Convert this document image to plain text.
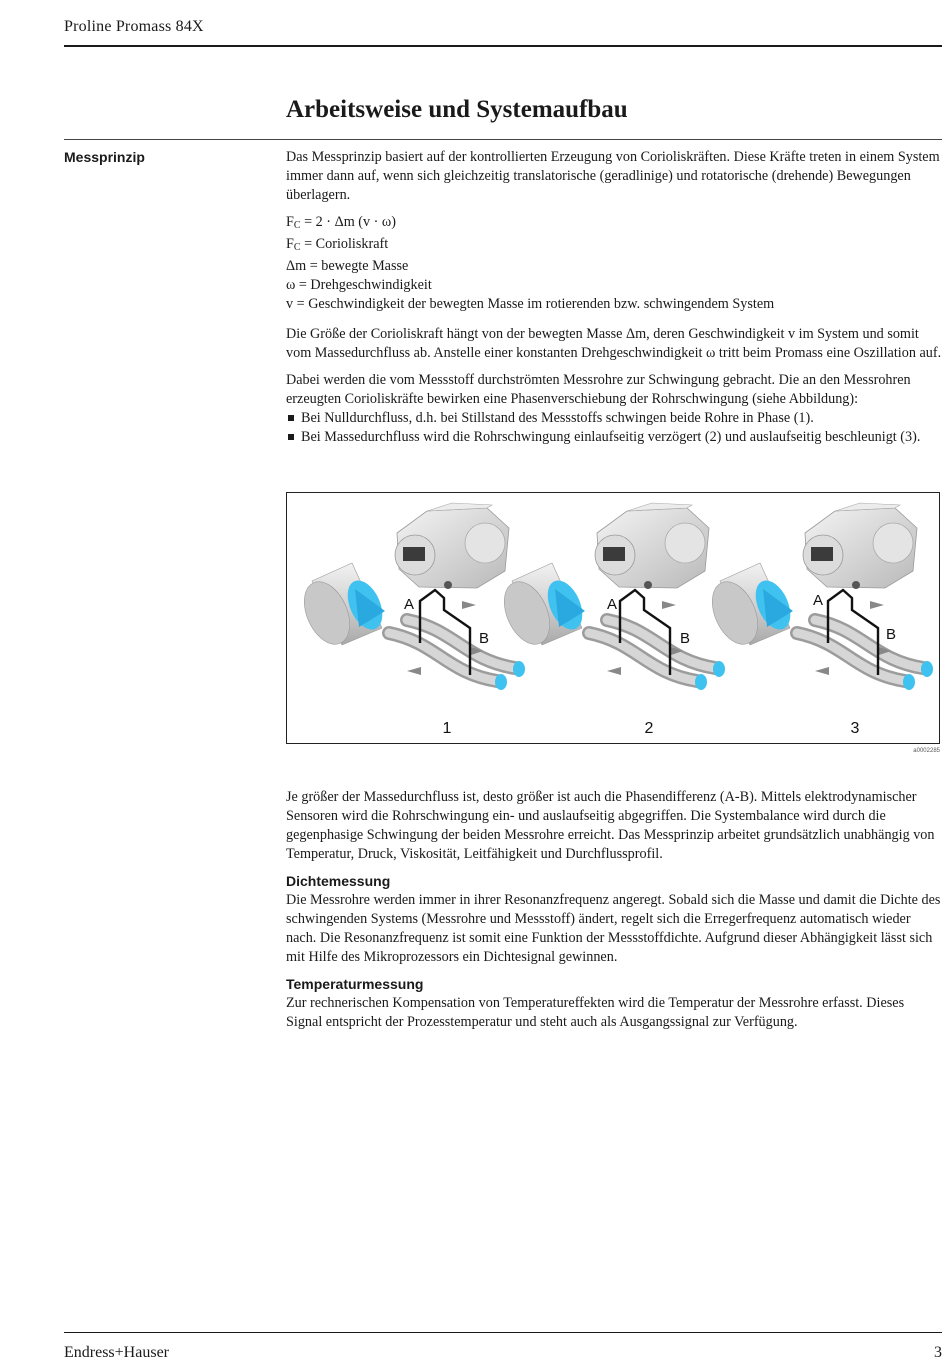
Proline Promass 84X
Arbeitsweise und Systemaufbau
Messprinzip	Das Messprinzip basiert auf der kontrollierten Erzeugung von Corioliskräften. Diese Kräfte treten in einem System immer dann auf, wenn sich gleichzeitig translatorische (geradlinige) und rotatorische (drehende) Bewegungen überlagern.

$F_C = 2 \cdot \Delta m$ (v · ω)
$F_C$ = Corioliskraft
Δm = bewegte Masse
ω = Drehgeschwindigkeit
v = Geschwindigkeit der bewegten Masse im rotierenden bzw. schwingendem System

Die Größe der Corioliskraft hängt von der bewegten Masse Δm, deren Geschwindigkeit v im System und somit vom Massedurchfluss ab. Anstelle einer konstanten Drehgeschwindigkeit ω tritt beim Promass eine Oszillation auf.

Dabei werden die vom Messstoff durchströmten Messrohre zur Schwingung gebracht. Die an den Messrohren erzeugten Corioliskräfte bewirken eine Phasenverschiebung der Rohrschwingung (siehe Abbildung):

Bei Nulldurchfluss, d.h. bei Stillstand des Messstoffs schwingen beide Rohre in Phase (1).
Bei Massedurchfluss wird die Rohrschwingung einlaufseitig verzögert (2) und auslaufseitig beschleunigt (3).
A
B
1
A
B
2
A
B
3
a0002285

Je größer der Massedurchfluss ist, desto größer ist auch die Phasendifferenz (A-B). Mittels elektrodynamischer Sensoren wird die Rohrschwingung ein- und auslaufseitig abgegriffen. Die Systembalance wird durch die gegenphasige Schwingung der beiden Messrohre erreicht. Das Messprinzip arbeitet grundsätzlich unabhängig von Temperatur, Druck, Viskosität, Leitfähigkeit und Durchflussprofil.

Dichtemessung

Die Messrohre werden immer in ihrer Resonanzfrequenz angeregt. Sobald sich die Masse und damit die Dichte des schwingenden Systems (Messrohre und Messstoff) ändert, regelt sich die Erregerfrequenz automatisch wieder nach. Die Resonanzfrequenz ist somit eine Funktion der Messstoffdichte. Aufgrund dieser Abhängigkeit lässt sich mit Hilfe des Mikroprozessors ein Dichtesignal gewinnen.

Temperaturmessung

Zur rechnerischen Kompensation von Temperatureffekten wird die Temperatur der Messrohre erfasst. Dieses Signal entspricht der Prozesstemperatur und steht auch als Ausgangssignal zur Verfügung.

Endress+Hauser	3
